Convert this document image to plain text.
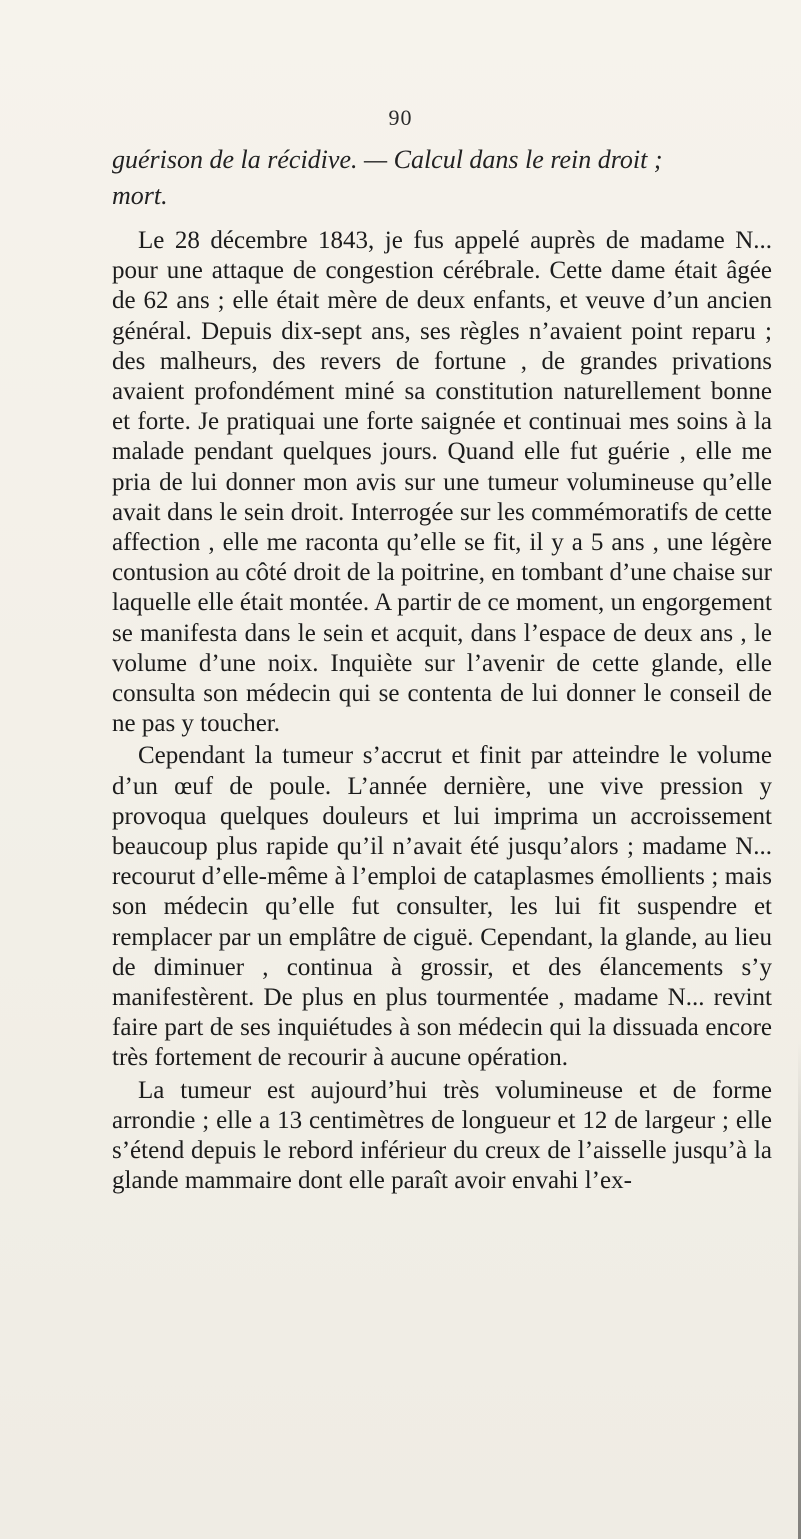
90

guérison de la récidive. — Calcul dans le rein droit ;
mort.

Le 28 décembre 1843, je fus appelé auprès de madame N... pour une attaque de congestion cérébrale. Cette dame était âgée de 62 ans ; elle était mère de deux enfants, et veuve d’un ancien général. Depuis dix-sept ans, ses règles n’avaient point reparu ; des malheurs, des revers de fortune , de grandes privations avaient profondément miné sa constitution naturellement bonne et forte. Je pratiquai une forte saignée et continuai mes soins à la malade pendant quelques jours. Quand elle fut guérie , elle me pria de lui donner mon avis sur une tumeur volumineuse qu’elle avait dans le sein droit. Interrogée sur les commémoratifs de cette affection , elle me raconta qu’elle se fit, il y a 5 ans , une légère contusion au côté droit de la poitrine, en tombant d’une chaise sur laquelle elle était montée. A partir de ce moment, un engorgement se manifesta dans le sein et acquit, dans l’espace de deux ans , le volume d’une noix. Inquiète sur l’avenir de cette glande, elle consulta son médecin qui se contenta de lui donner le conseil de ne pas y toucher.

Cependant la tumeur s’accrut et finit par atteindre le volume d’un œuf de poule. L’année dernière, une vive pression y provoqua quelques douleurs et lui imprima un accroissement beaucoup plus rapide qu’il n’avait été jusqu’alors ; madame N... recourut d’elle-même à l’emploi de cataplasmes émollients ; mais son médecin qu’elle fut consulter, les lui fit suspendre et remplacer par un emplâtre de ciguë. Cependant, la glande, au lieu de diminuer , continua à grossir, et des élancements s’y manifestèrent. De plus en plus tourmentée , madame N... revint faire part de ses inquiétudes à son médecin qui la dissuada encore très fortement de recourir à aucune opération.

La tumeur est aujourd’hui très volumineuse et de forme arrondie ; elle a 13 centimètres de longueur et 12 de largeur ; elle s’étend depuis le rebord inférieur du creux de l’aisselle jusqu’à la glande mammaire dont elle paraît avoir envahi l’ex-
